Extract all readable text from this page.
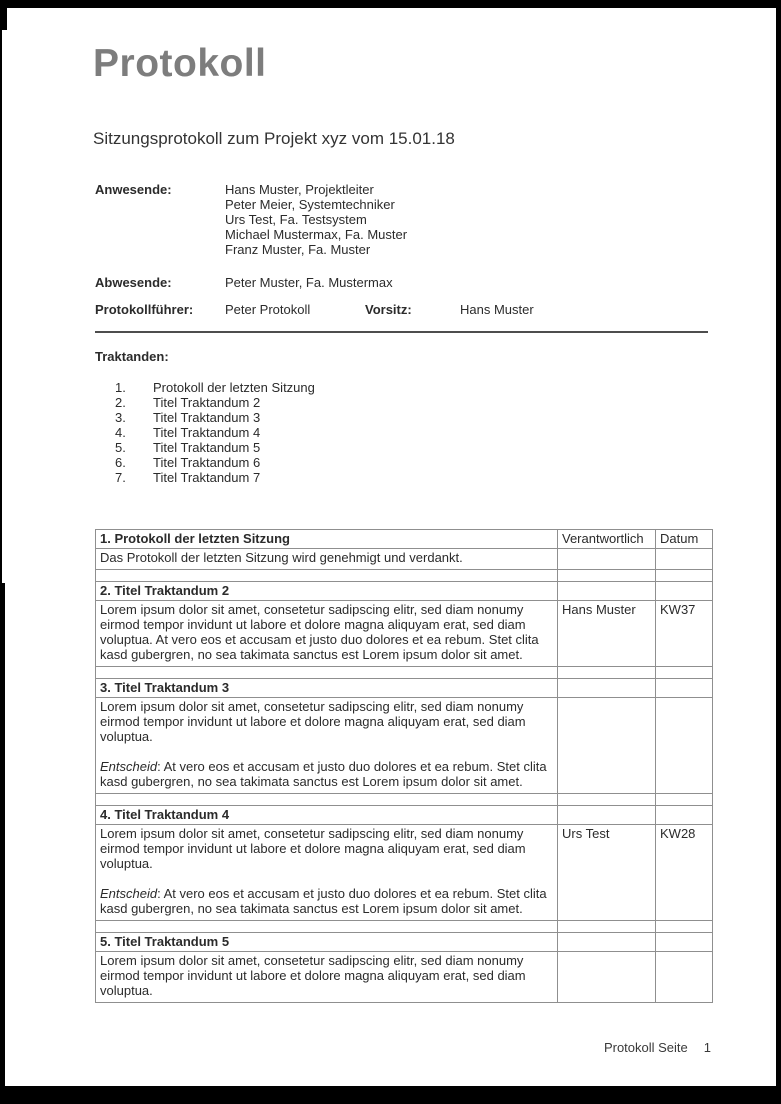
Protokoll
Sitzungsprotokoll zum Projekt xyz vom 15.01.18
Anwesende:	Hans Muster, Projektleiter
Peter Meier, Systemtechniker
Urs Test, Fa. Testsystem
Michael Mustermax, Fa. Muster
Franz Muster, Fa. Muster
Abwesende:	Peter Muster, Fa. Mustermax
Protokollführer:	Peter Protokoll	Vorsitz:	Hans Muster
Traktanden:
1.	Protokoll der letzten Sitzung
2.	Titel Traktandum 2
3.	Titel Traktandum 3
4.	Titel Traktandum 4
5.	Titel Traktandum 5
6.	Titel Traktandum 6
7.	Titel Traktandum 7
1. Protokoll der letzten Sitzung	Verantwortlich	Datum

Das Protokoll der letzten Sitzung wird genehmigt und verdankt.		

2. Titel Traktandum 2		

Lorem ipsum dolor sit amet, consetetur sadipscing elitr, sed diam nonumy eirmod tempor invidunt ut labore et dolore magna aliquyam erat, sed diam voluptua. At vero eos et accusam et justo duo dolores et ea rebum. Stet clita kasd gubergren, no sea takimata sanctus est Lorem ipsum dolor sit amet.	Hans Muster	KW37

3. Titel Traktandum 3		

Lorem ipsum dolor sit amet, consetetur sadipscing elitr, sed diam nonumy eirmod tempor invidunt ut labore et dolore magna aliquyam erat, sed diam voluptua.
Entscheid: At vero eos et accusam et justo duo dolores et ea rebum. Stet clita kasd gubergren, no sea takimata sanctus est Lorem ipsum dolor sit amet.		

4. Titel Traktandum 4		

Lorem ipsum dolor sit amet, consetetur sadipscing elitr, sed diam nonumy eirmod tempor invidunt ut labore et dolore magna aliquyam erat, sed diam voluptua.
Entscheid: At vero eos et accusam et justo duo dolores et ea rebum. Stet clita kasd gubergren, no sea takimata sanctus est Lorem ipsum dolor sit amet.	Urs Test	KW28

5. Titel Traktandum 5		

Lorem ipsum dolor sit amet, consetetur sadipscing elitr, sed diam nonumy eirmod tempor invidunt ut labore et dolore magna aliquyam erat, sed diam voluptua.		

Protokoll Seite 1
